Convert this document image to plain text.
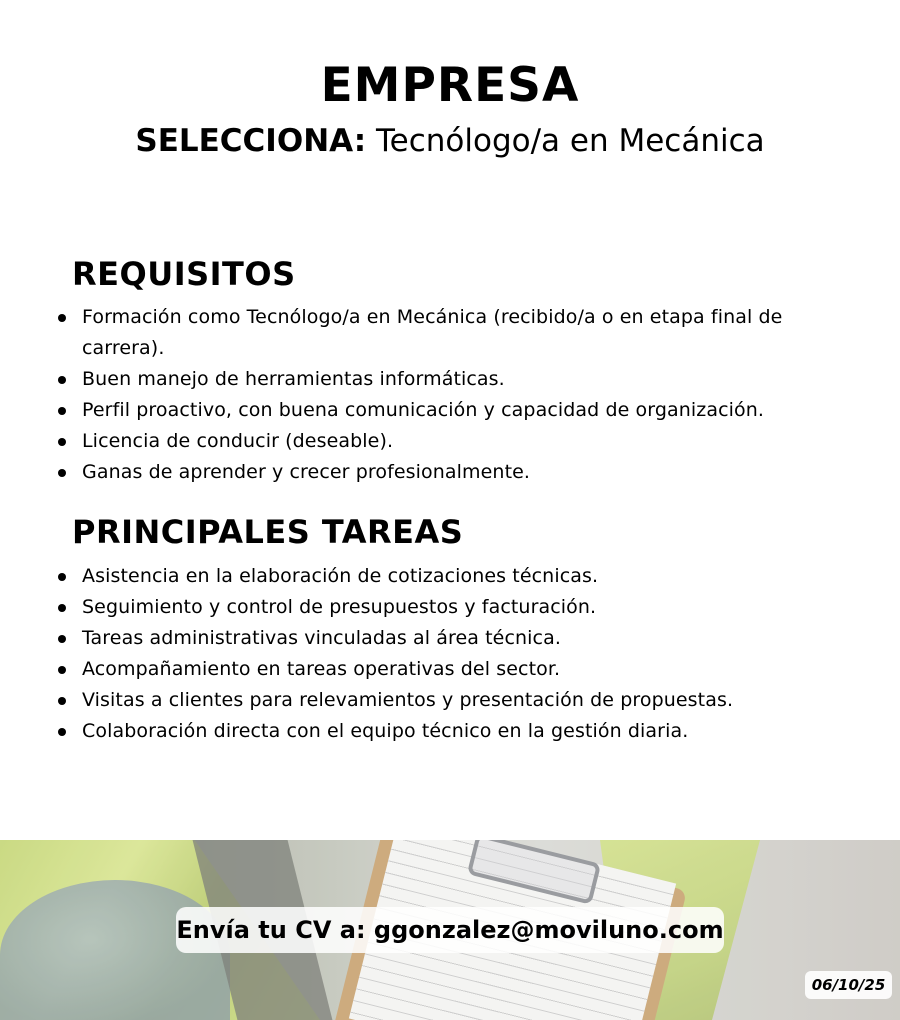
EMPRESA

SELECCIONA: Tecnólogo/a en Mecánica

REQUISITOS
Formación como Tecnólogo/a en Mecánica (recibido/a o en etapa final de carrera).
Buen manejo de herramientas informáticas.
Perfil proactivo, con buena comunicación y capacidad de organización.
Licencia de conducir (deseable).
Ganas de aprender y crecer profesionalmente.
PRINCIPALES TAREAS
Asistencia en la elaboración de cotizaciones técnicas.
Seguimiento y control de presupuestos y facturación.
Tareas administrativas vinculadas al área técnica.
Acompañamiento en tareas operativas del sector.
Visitas a clientes para relevamientos y presentación de propuestas.
Colaboración directa con el equipo técnico en la gestión diaria.
Envía tu CV a: ggonzalez@moviluno.com
06/10/25
